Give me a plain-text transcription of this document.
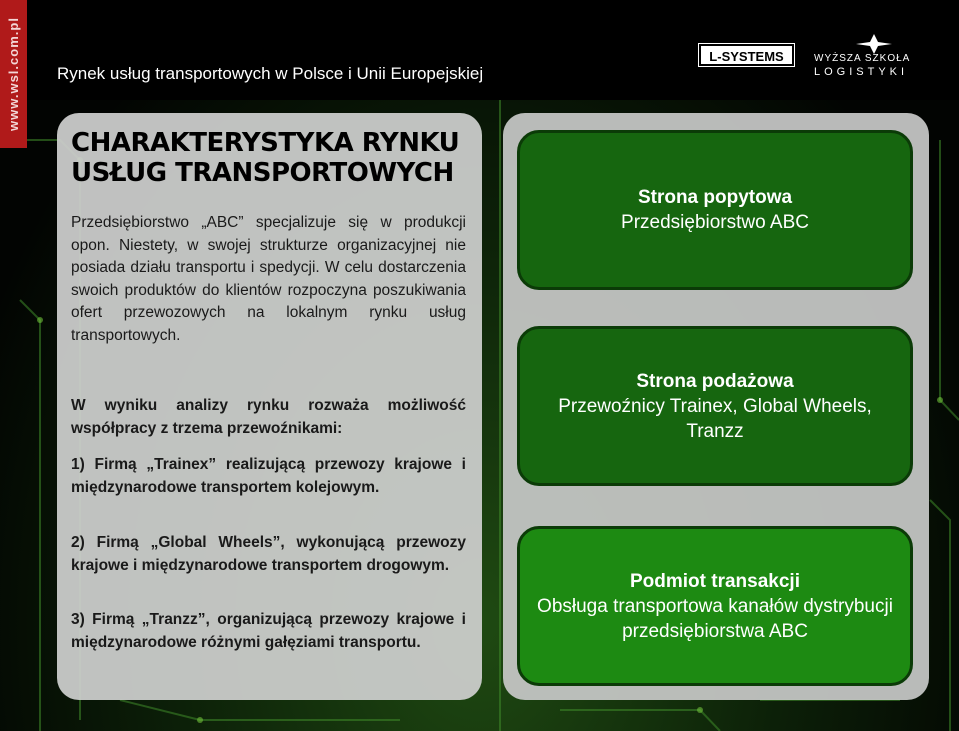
www.wsl.com.pl	Rynek usług transportowych w Polsce i Unii Europejskiej
L-SYSTEMS	WYŻSZA SZKOŁA
LOGISTYKI
CHARAKTERYSTYKA RYNKU
USŁUG TRANSPORTOWYCH
Przedsiębiorstwo „ABC” specjalizuje się w produkcji opon. Niestety, w swojej strukturze organizacyjnej nie posiada działu transportu i spedycji. W celu dostarczenia swoich produktów do klientów rozpoczyna poszukiwania ofert przewozowych na lokalnym rynku usług transportowych.
W wyniku analizy rynku rozważa możliwość współpracy z trzema przewoźnikami:
1) Firmą „Trainex” realizującą przewozy krajowe i międzynarodowe transportem kolejowym.
2) Firmą „Global Wheels”, wykonującą przewozy krajowe i międzynarodowe transportem drogowym.
3) Firmą „Tranzz”, organizującą przewozy krajowe i międzynarodowe różnymi gałęziami transportu.
Strona popytowa
Przedsiębiorstwo ABC
Strona podażowa
Przewoźnicy Trainex, Global Wheels, Tranzz
Podmiot transakcji
Obsługa transportowa kanałów dystrybucji przedsiębiorstwa ABC
